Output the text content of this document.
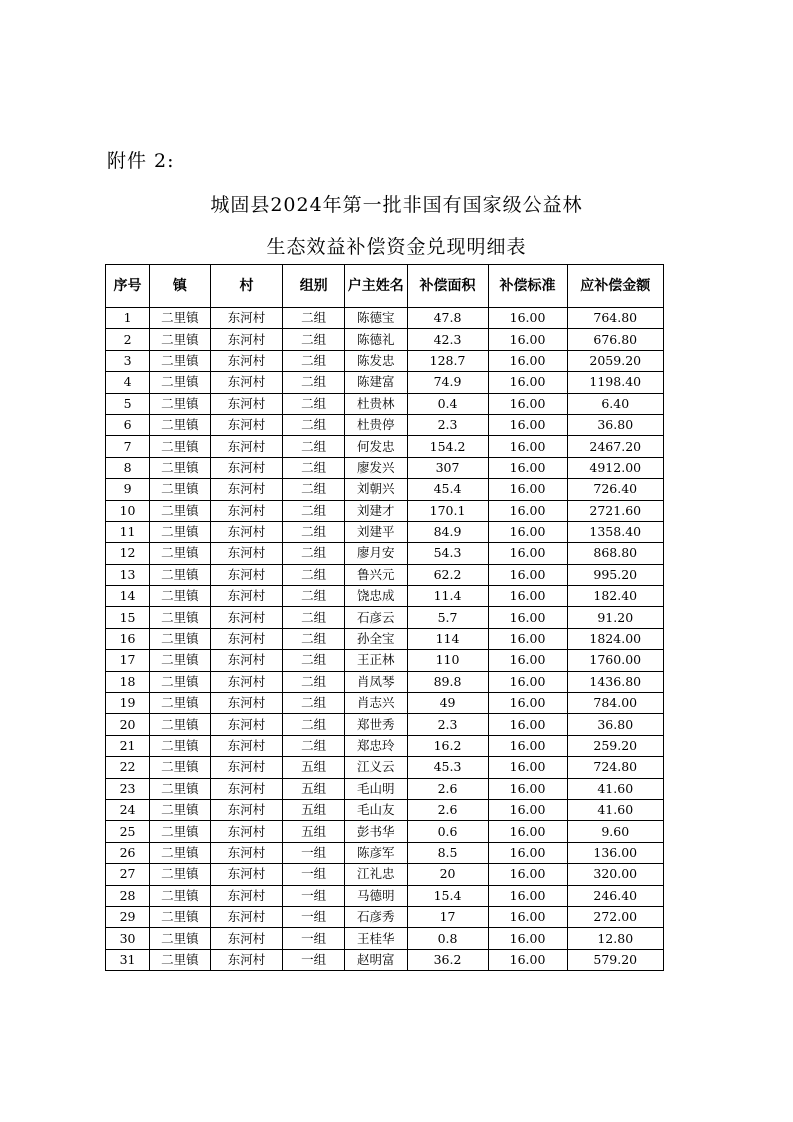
附件 2:
城固县2024年第一批非国有国家级公益林
生态效益补偿资金兑现明细表
序号	镇	村	组别	户主姓名	补偿面积	补偿标准	应补偿金额
1	二里镇	东河村	二组	陈德宝	47.8	16.00	764.80
2	二里镇	东河村	二组	陈德礼	42.3	16.00	676.80
3	二里镇	东河村	二组	陈发忠	128.7	16.00	2059.20
4	二里镇	东河村	二组	陈建富	74.9	16.00	1198.40
5	二里镇	东河村	二组	杜贵林	0.4	16.00	6.40
6	二里镇	东河村	二组	杜贵停	2.3	16.00	36.80
7	二里镇	东河村	二组	何发忠	154.2	16.00	2467.20
8	二里镇	东河村	二组	廖发兴	307	16.00	4912.00
9	二里镇	东河村	二组	刘朝兴	45.4	16.00	726.40
10	二里镇	东河村	二组	刘建才	170.1	16.00	2721.60
11	二里镇	东河村	二组	刘建平	84.9	16.00	1358.40
12	二里镇	东河村	二组	廖月安	54.3	16.00	868.80
13	二里镇	东河村	二组	鲁兴元	62.2	16.00	995.20
14	二里镇	东河村	二组	饶忠成	11.4	16.00	182.40
15	二里镇	东河村	二组	石彦云	5.7	16.00	91.20
16	二里镇	东河村	二组	孙全宝	114	16.00	1824.00
17	二里镇	东河村	二组	王正林	110	16.00	1760.00
18	二里镇	东河村	二组	肖凤琴	89.8	16.00	1436.80
19	二里镇	东河村	二组	肖志兴	49	16.00	784.00
20	二里镇	东河村	二组	郑世秀	2.3	16.00	36.80
21	二里镇	东河村	二组	郑忠玲	16.2	16.00	259.20
22	二里镇	东河村	五组	江义云	45.3	16.00	724.80
23	二里镇	东河村	五组	毛山明	2.6	16.00	41.60
24	二里镇	东河村	五组	毛山友	2.6	16.00	41.60
25	二里镇	东河村	五组	彭书华	0.6	16.00	9.60
26	二里镇	东河村	一组	陈彦军	8.5	16.00	136.00
27	二里镇	东河村	一组	江礼忠	20	16.00	320.00
28	二里镇	东河村	一组	马德明	15.4	16.00	246.40
29	二里镇	东河村	一组	石彦秀	17	16.00	272.00
30	二里镇	东河村	一组	王桂华	0.8	16.00	12.80
31	二里镇	东河村	一组	赵明富	36.2	16.00	579.20
